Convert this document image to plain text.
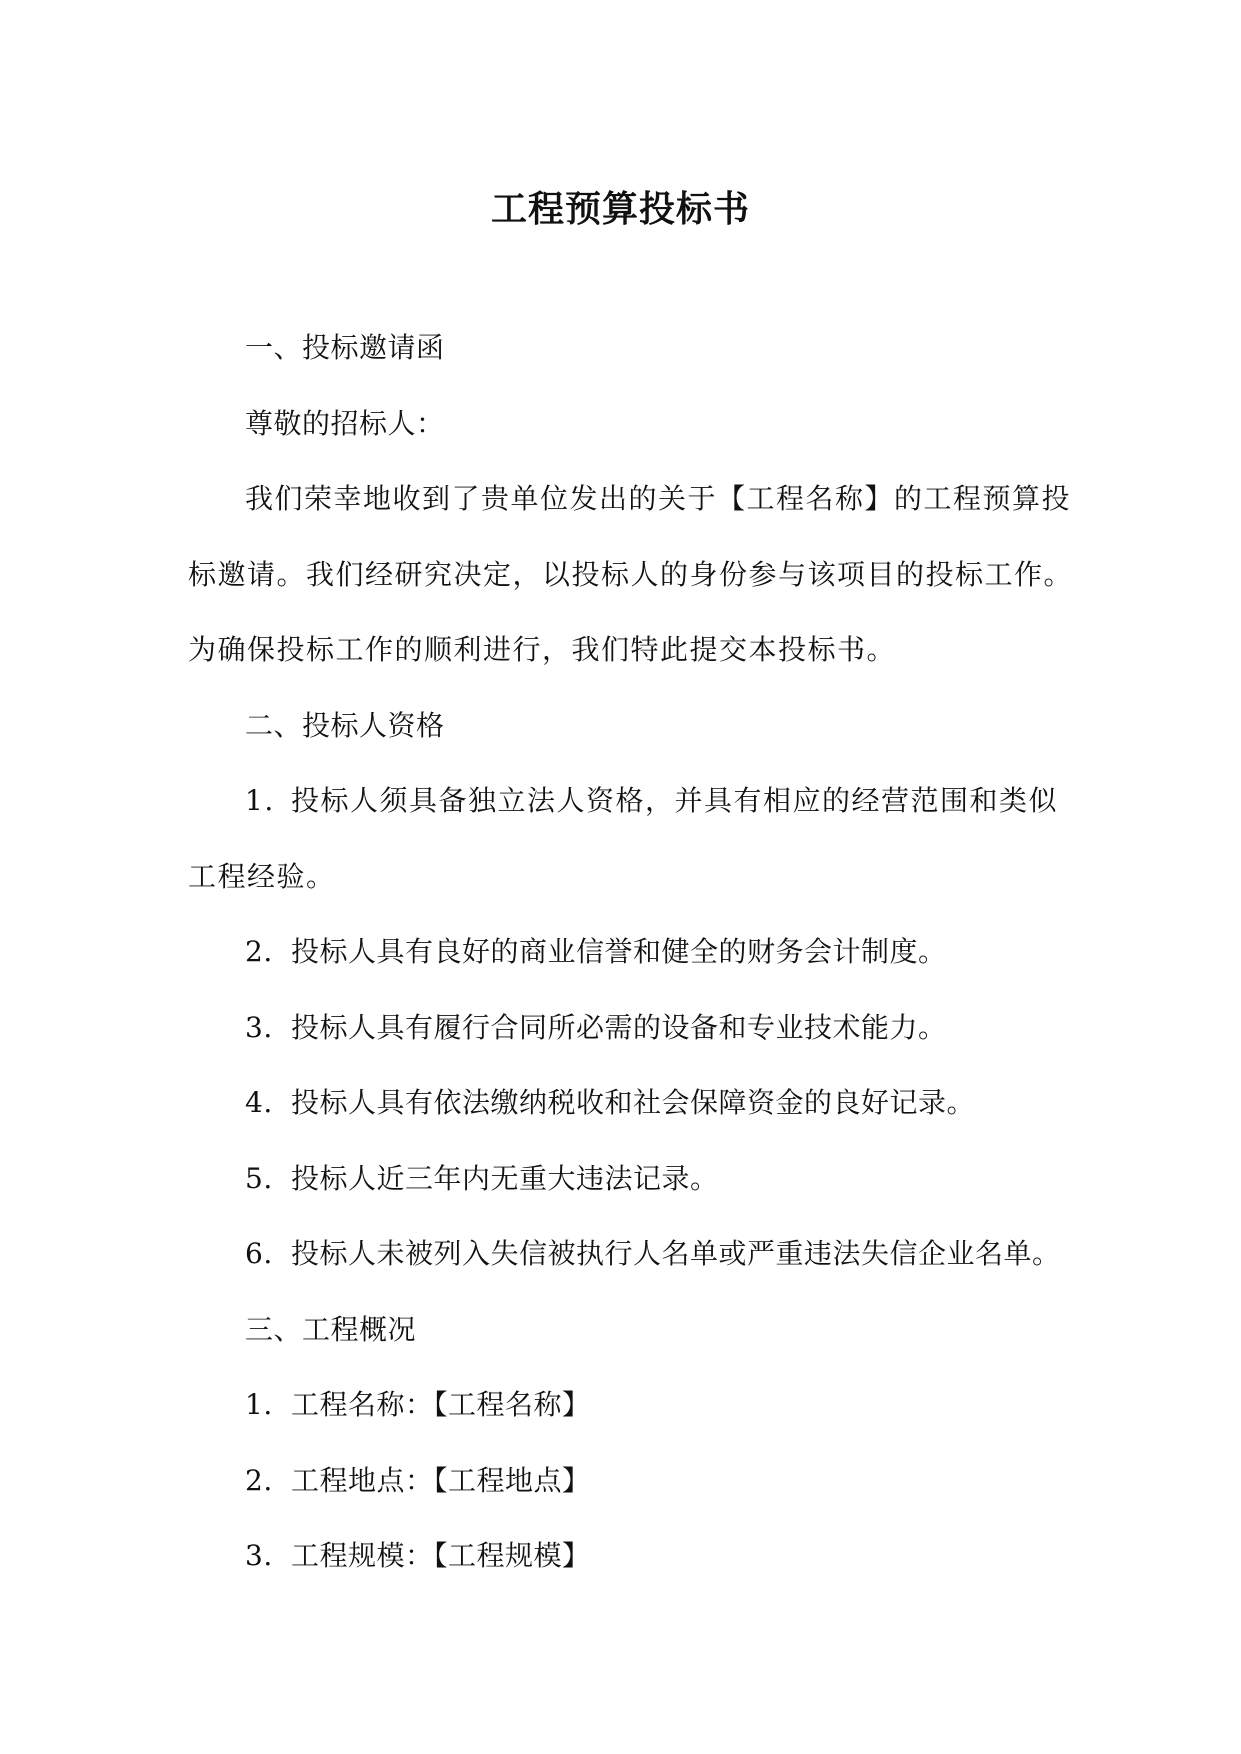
工程预算投标书
一、投标邀请函
尊敬的招标人：
我们荣幸地收到了贵单位发出的关于【工程名称】的工程预算投
标邀请。我们经研究决定，以投标人的身份参与该项目的投标工作。
为确保投标工作的顺利进行，我们特此提交本投标书。
二、投标人资格
1. 投标人须具备独立法人资格，并具有相应的经营范围和类似
工程经验。
2. 投标人具有良好的商业信誉和健全的财务会计制度。
3. 投标人具有履行合同所必需的设备和专业技术能力。
4. 投标人具有依法缴纳税收和社会保障资金的良好记录。
5. 投标人近三年内无重大违法记录。
6. 投标人未被列入失信被执行人名单或严重违法失信企业名单。
三、工程概况
1. 工程名称：【工程名称】
2. 工程地点：【工程地点】
3. 工程规模：【工程规模】
